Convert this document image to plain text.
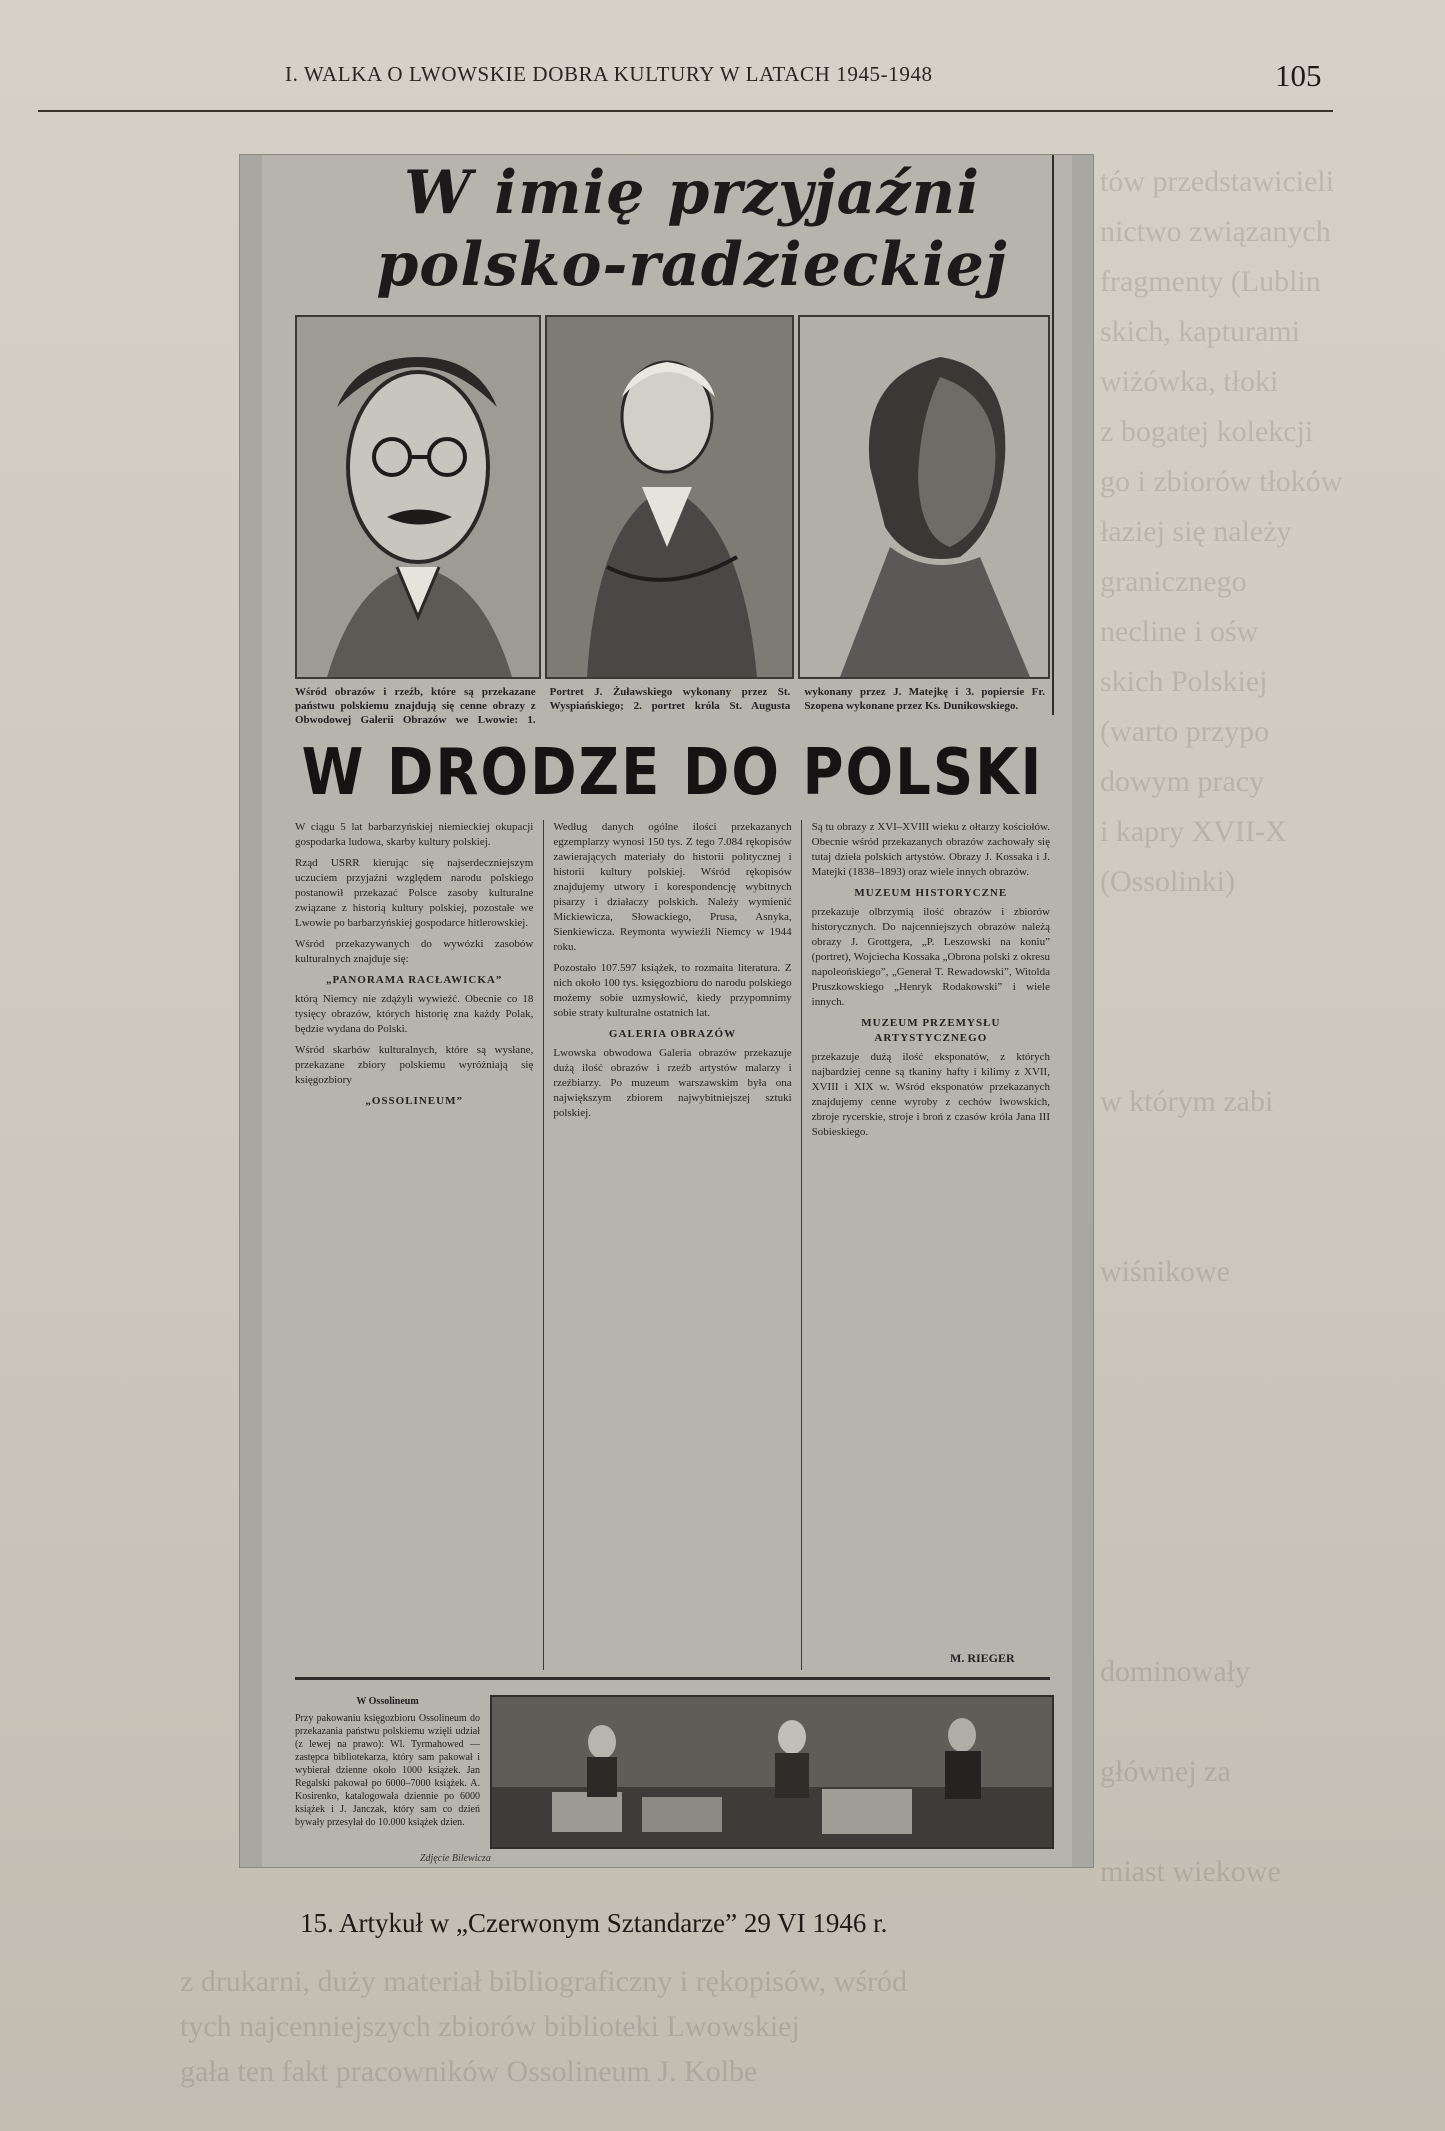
tów przedstawicieli
nictwo związanych
fragmenty (Lublin
skich, kapturami
wiżówka, tłoki
z bogatej kolekcji
go i zbiorów tłoków
łaziej się należy
granicznego
necline i ośw
skich Polskiej
(warto przypo
dowym pracy
i kapry XVII-X
(Ossolinki)
w którym zabi
wiśnikowe
dominowały
głównej za
miast wiekowe
z drukarni, duży materiał bibliograficzny i rękopisów, wśród
tych najcenniejszych zbiorów biblioteki Lwowskiej
gała ten fakt pracowników Ossolineum J. Kolbe
I. WALKA O LWOWSKIE DOBRA KULTURY W LATACH 1945-1948	105
W imię przyjaźni
polsko-radzieckiej
Wśród obrazów i rzeźb, które są przekazane państwu polskiemu znajdują się cenne obrazy z Obwodowej Galerii Obrazów we Lwowie: 1. Portret J. Żuławskiego wykonany przez St. Wyspiańskiego; 2. portret króla St. Augusta wykonany przez J. Matejkę i 3. popiersie Fr. Szopena wykonane przez Ks. Dunikowskiego.
W DRODZE DO POLSKI

W ciągu 5 lat barbarzyńskiej niemieckiej okupacji gospodarka ludowa, skarby kultury polskiej.

Rząd USRR kierując się najserdeczniejszym uczuciem przyjaźni względem narodu polskiego postanowił przekazać Polsce zasoby kulturalne związane z historią kultury polskiej, pozostałe we Lwowie po barbarzyńskiej gospodarce hitlerowskiej.

Wśród przekazywanych do wywózki zasobów kulturalnych znajduje się:

„PANORAMA RACŁAWICKA”

którą Niemcy nie zdążyli wywieźć. Obecnie co 18 tysięcy obrazów, których historię zna każdy Polak, będzie wydana do Polski.

Wśród skarbów kulturalnych, które są wysłane, przekazane zbiory polskiemu wyróżniają się księgozbiory

„OSSOLINEUM”

Według danych ogólne ilości przekazanych egzemplarzy wynosi 150 tys. Z tego 7.084 rękopisów zawierających materiały do historii politycznej i historii kultury polskiej. Wśród rękopisów znajdujemy utwory i korespondencję wybitnych pisarzy i działaczy polskich. Należy wymienić Mickiewicza, Słowackiego, Prusa, Asnyka, Sienkiewicza. Reymonta wywieźli Niemcy w 1944 roku.

Pozostało 107.597 książek, to rozmaita literatura. Z nich około 100 tys. księgozbioru do narodu polskiego możemy sobie uzmysłowić, kiedy przypomnimy sobie straty kulturalne ostatnich lat.

GALERIA OBRAZÓW

Lwowska obwodowa Galeria obrazów przekazuje dużą ilość obrazów i rzeźb artystów malarzy i rzeźbiarzy. Po muzeum warszawskim była ona największym zbiorem najwybitniejszej sztuki polskiej.

Są tu obrazy z XVI–XVIII wieku z ołtarzy kościołów. Obecnie wśród przekazanych obrazów zachowały się tutaj dzieła polskich artystów. Obrazy J. Kossaka i J. Matejki (1838–1893) oraz wiele innych obrazów.

MUZEUM HISTORYCZNE

przekazuje olbrzymią ilość obrazów i zbiorów historycznych. Do najcenniejszych obrazów należą obrazy J. Grottgera, „P. Leszowski na koniu” (portret), Wojciecha Kossaka „Obrona polski z okresu napoleońskiego”, „Generał T. Rewadowski”, Witolda Pruszkowskiego „Henryk Rodakowski” i wiele innych.

MUZEUM PRZEMYSŁU ARTYSTYCZNEGO

przekazuje dużą ilość eksponatów, z których najbardziej cenne są tkaniny hafty i kilimy z XVII, XVIII i XIX w. Wśród eksponatów przekazanych znajdujemy cenne wyroby z cechów lwowskich, zbroje rycerskie, stroje i broń z czasów króla Jana III Sobieskiego.

M. RIEGER
W Ossolineum
Przy pakowaniu księgozbioru Ossolineum do przekazania państwu polskiemu wzięli udział (z lewej na prawo): Wl. Tyrmahowed — zastępca bibliotekarza, który sam pakował i wybierał dzienne około 1000 książek. Jan Regalski pakował po 6000–7000 książek. A. Kosirenko, katalogowała dziennie po 6000 książek i J. Janczak, który sam co dzień bywały przesyłał do 10.000 książek dzien.
Zdjęcie Bilewicza
15. Artykuł w „Czerwonym Sztandarze” 29 VI 1946 r.
